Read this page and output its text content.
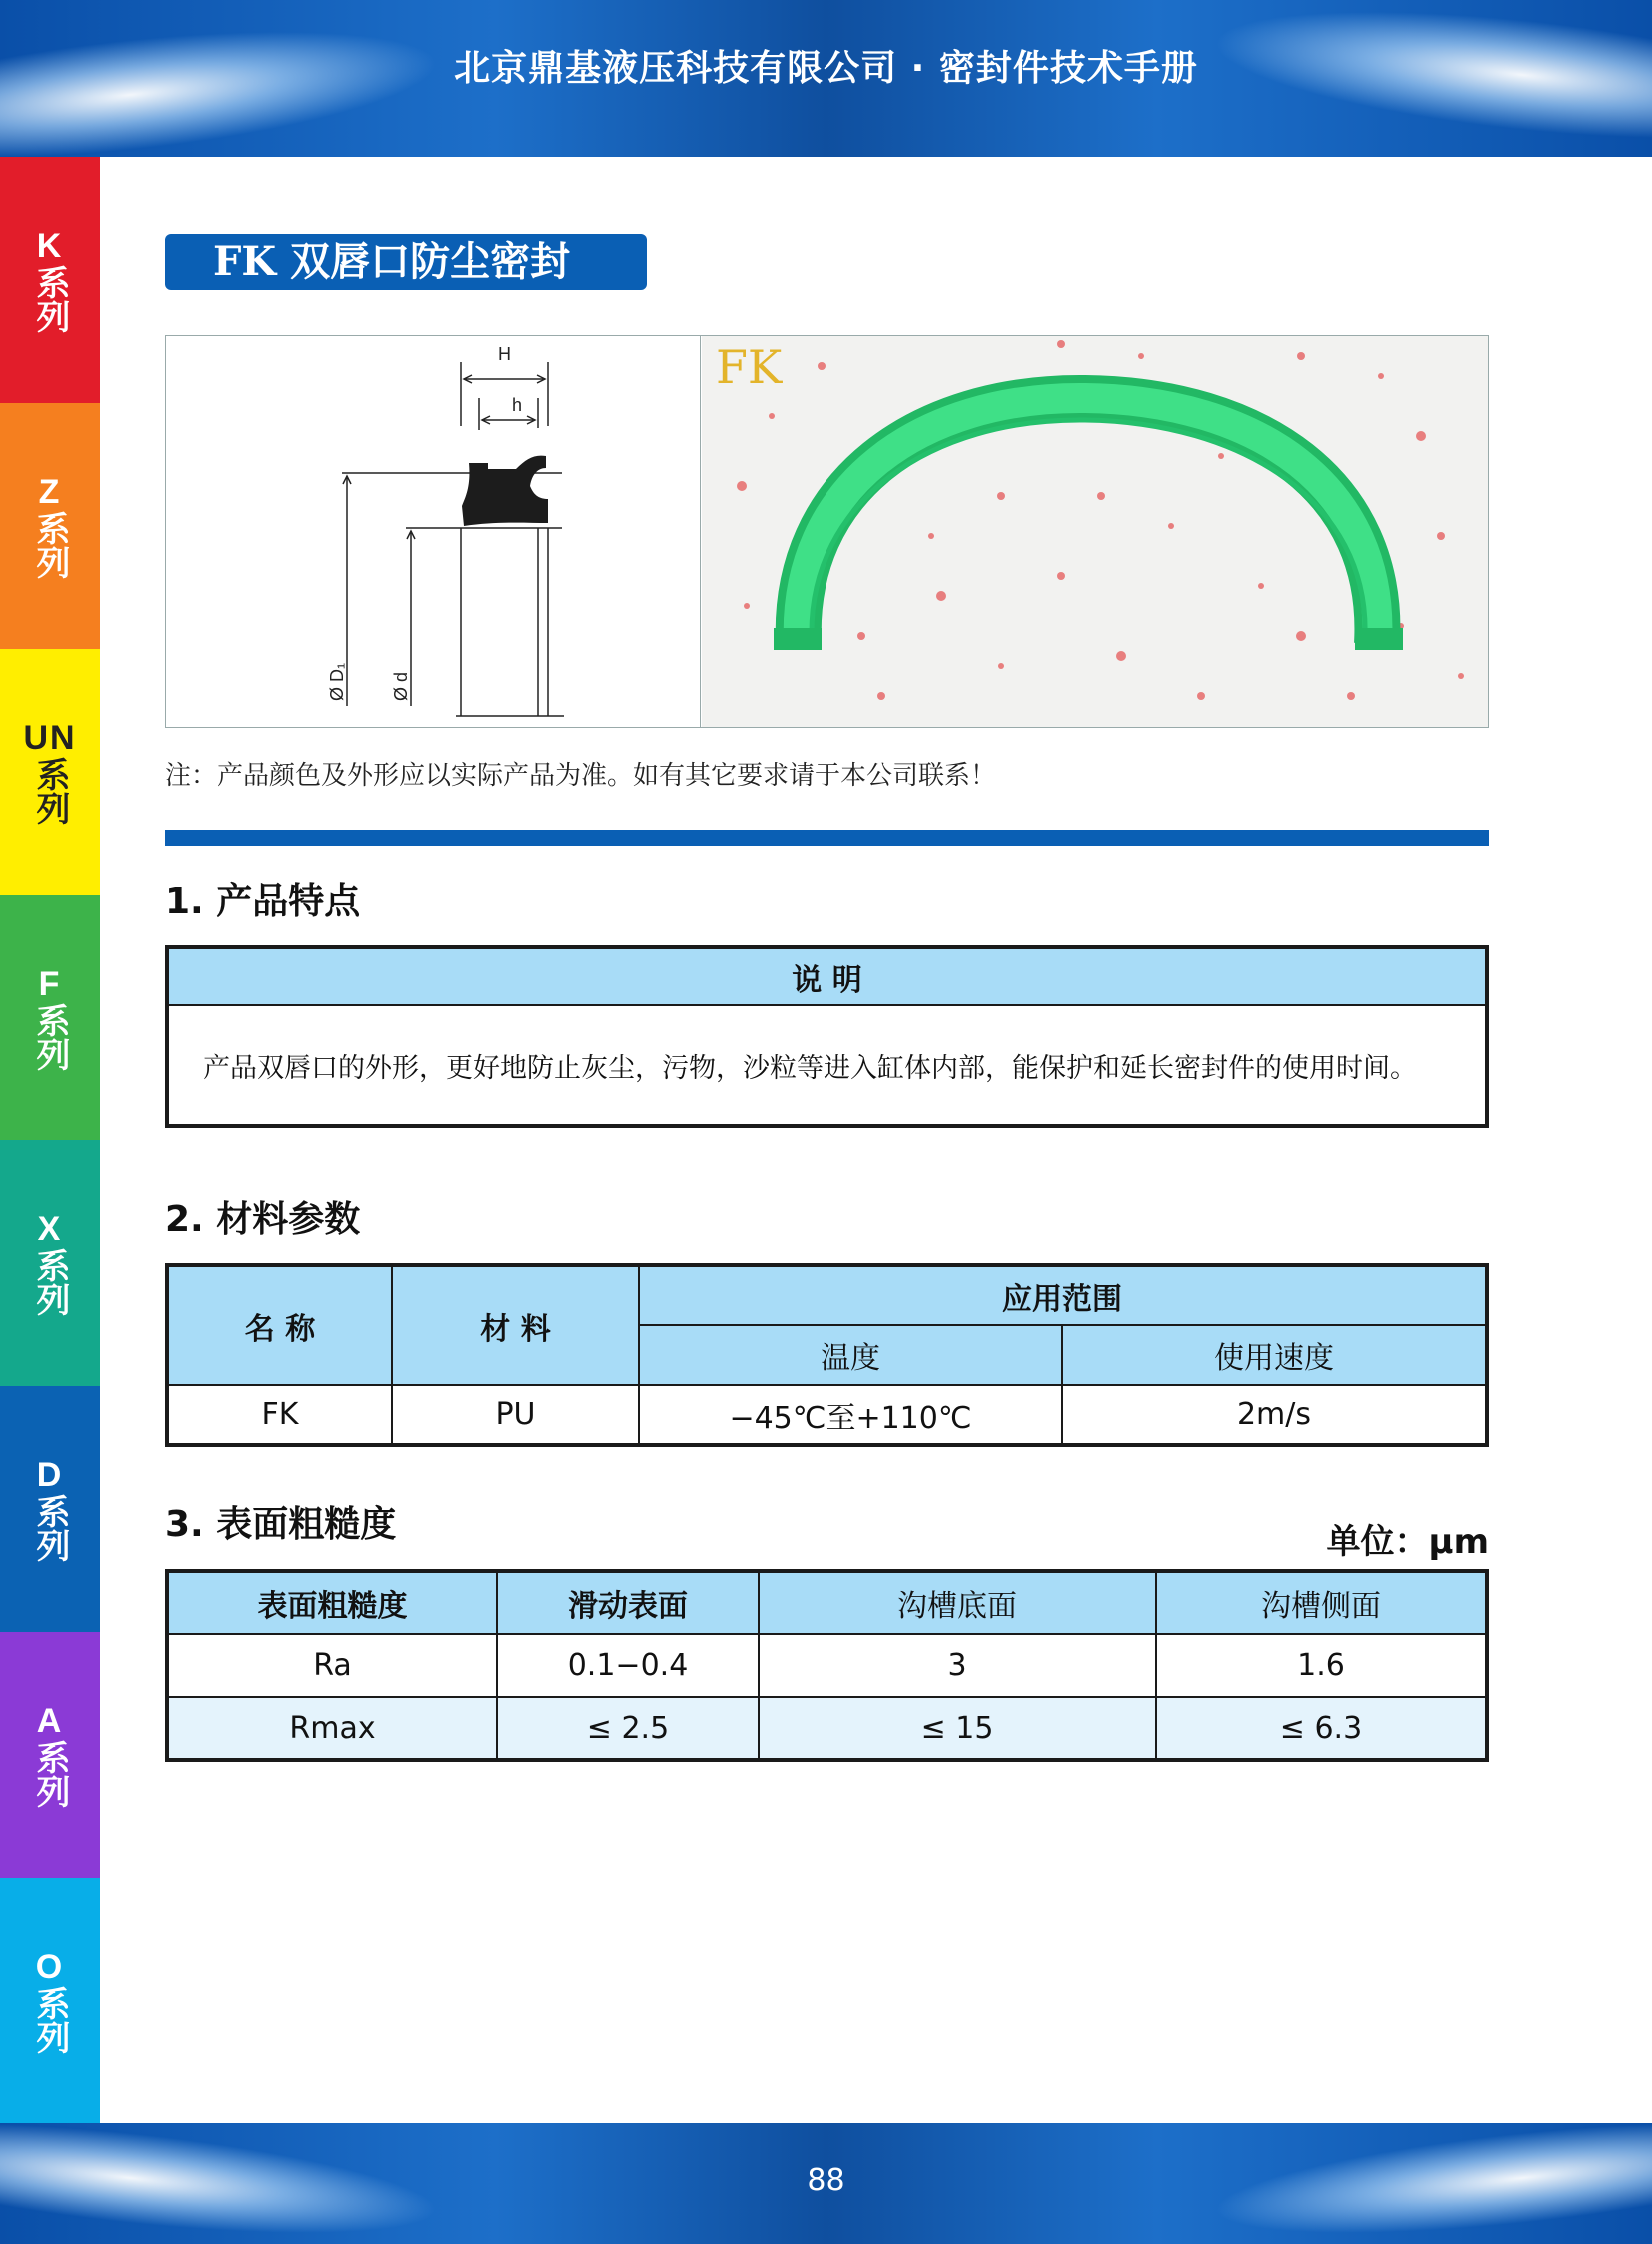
北京鼎基液压科技有限公司 · 密封件技术手册
K
系列
Z
系列
UN
系列
F
系列
X
系列
D
系列
A
系列
O
系列
FK 双唇口防尘密封
Ø D₁ Ø d
H
h
FK
注：产品颜色及外形应以实际产品为准。如有其它要求请于本公司联系！
1. 产品特点
说 明
产品双唇口的外形，更好地防止灰尘，污物，沙粒等进入缸体内部，能保护和延长密封件的使用时间。
2. 材料参数
名 称	材 料	应用范围	
		温度	使用速度
FK	PU	−45℃至+110℃	2m/s
3. 表面粗糙度	单位：μm
表面粗糙度	滑动表面	沟槽底面	沟槽侧面
Ra	0.1−0.4	3	1.6
Rmax	≤ 2.5	≤ 15	≤ 6.3
88
